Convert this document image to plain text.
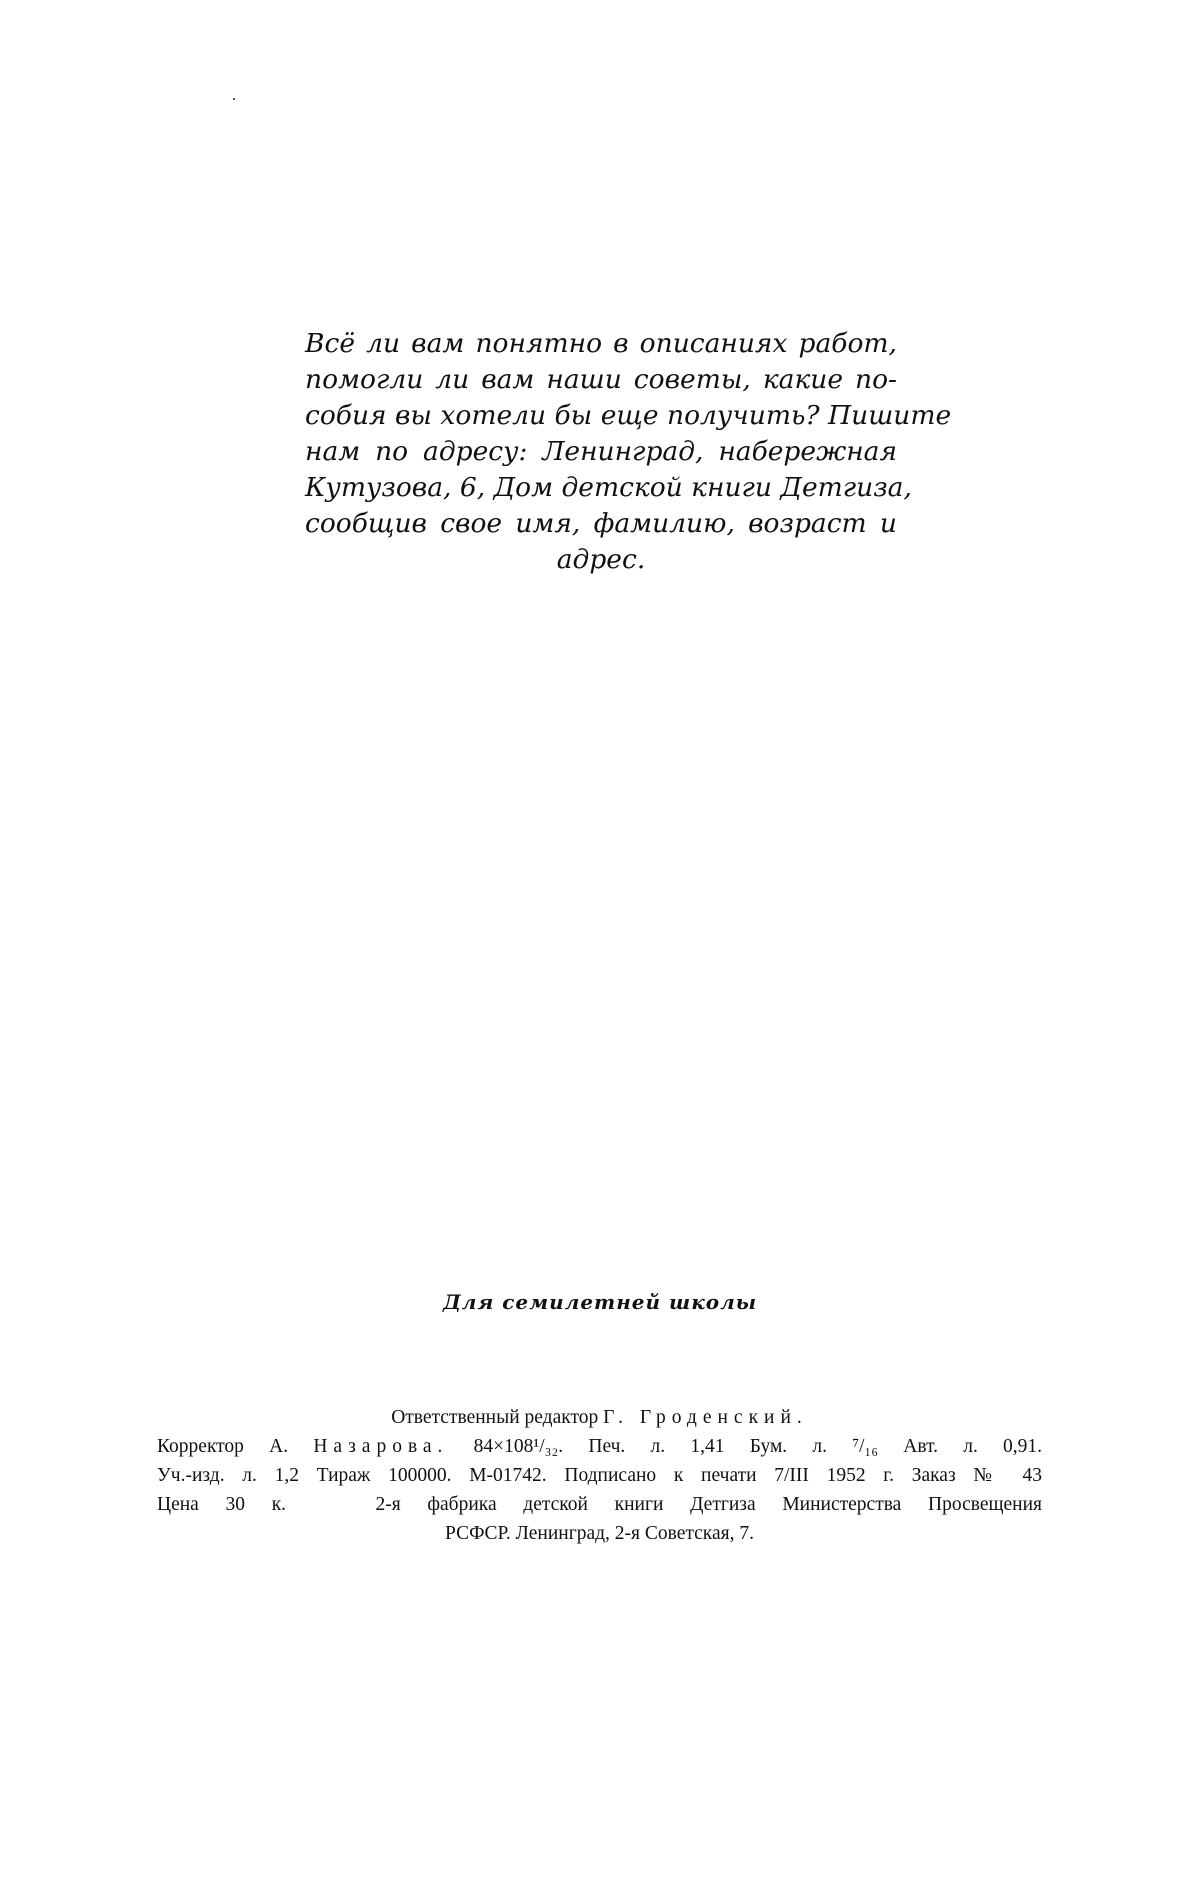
Всё ли вам понятно в описаниях работ,
помогли ли вам наши советы, какие по-
собия вы хотели бы еще получить? Пишите
нам по адресу: Ленинград, набережная
Кутузова, 6, Дом детской книги Детгиза,
сообщив свое имя, фамилию, возраст и
адрес.
Для семилетней школы
Ответственный редактор Г. Гроденский.
Корректор А. Назарова. 84×108¹/₃₂. Печ. л. 1,41 Бум. л. ⁷/₁₆ Авт. л. 0,91.
Уч.-изд. л. 1,2 Тираж 100000. М-01742. Подписано к печати 7/III 1952 г. Заказ № 43
Цена 30 к.	2-я фабрика детской книги Детгиза Министерства Просвещения
РСФСР. Ленинград, 2-я Советская, 7.
